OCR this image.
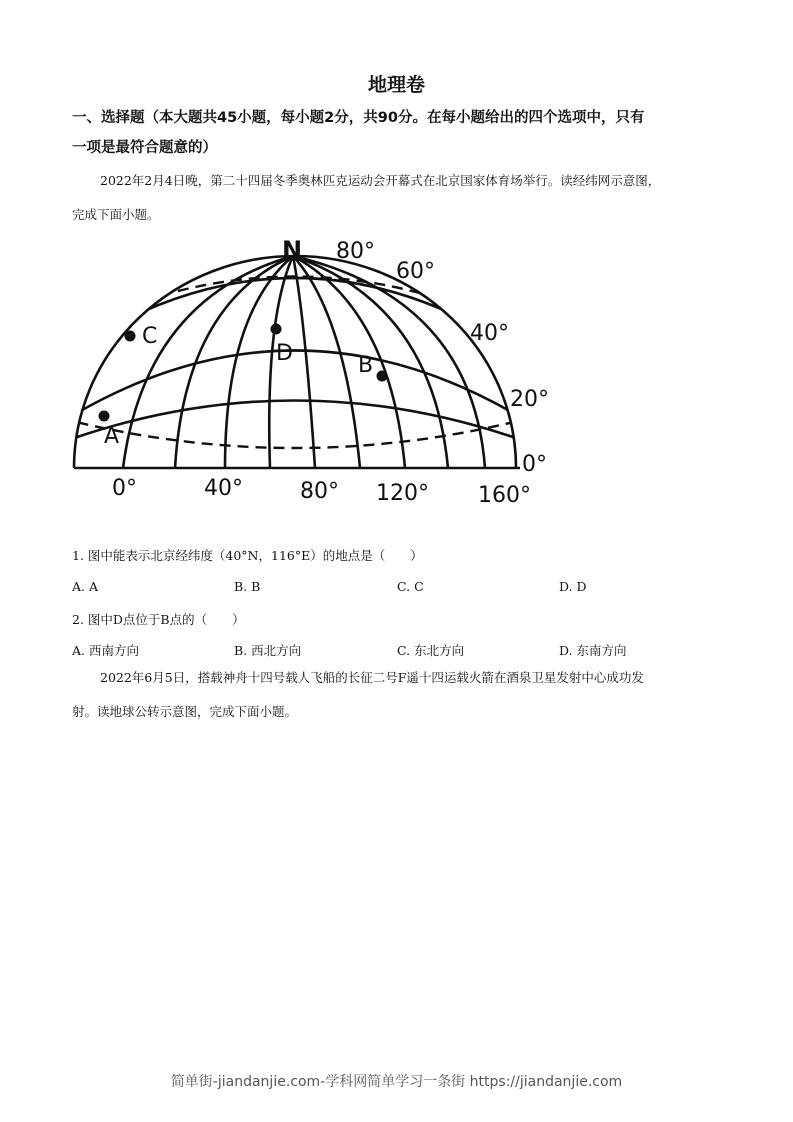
地理卷
一、选择题（本大题共45小题，每小题2分，共90分。在每小题给出的四个选项中，只有
一项是最符合题意的）
2022年2月4日晚，第二十四届冬季奥林匹克运动会开幕式在北京国家体育场举行。读经纬网示意图，
完成下面小题。
N 80°
60°
40°
20°
0°
0°	40°	80° 120° 160°
A
B
C
D
1. 图中能表示北京经纬度（40°N，116°E）的地点是（　　）
A. A	B. B	C. C	D. D
2. 图中D点位于B点的（　　）
A. 西南方向	B. 西北方向	C. 东北方向	D. 东南方向
2022年6月5日，搭载神舟十四号载人飞船的长征二号F遥十四运载火箭在酒泉卫星发射中心成功发
射。读地球公转示意图，完成下面小题。
简单街-jiandanjie.com-学科网简单学习一条街 https://jiandanjie.com
